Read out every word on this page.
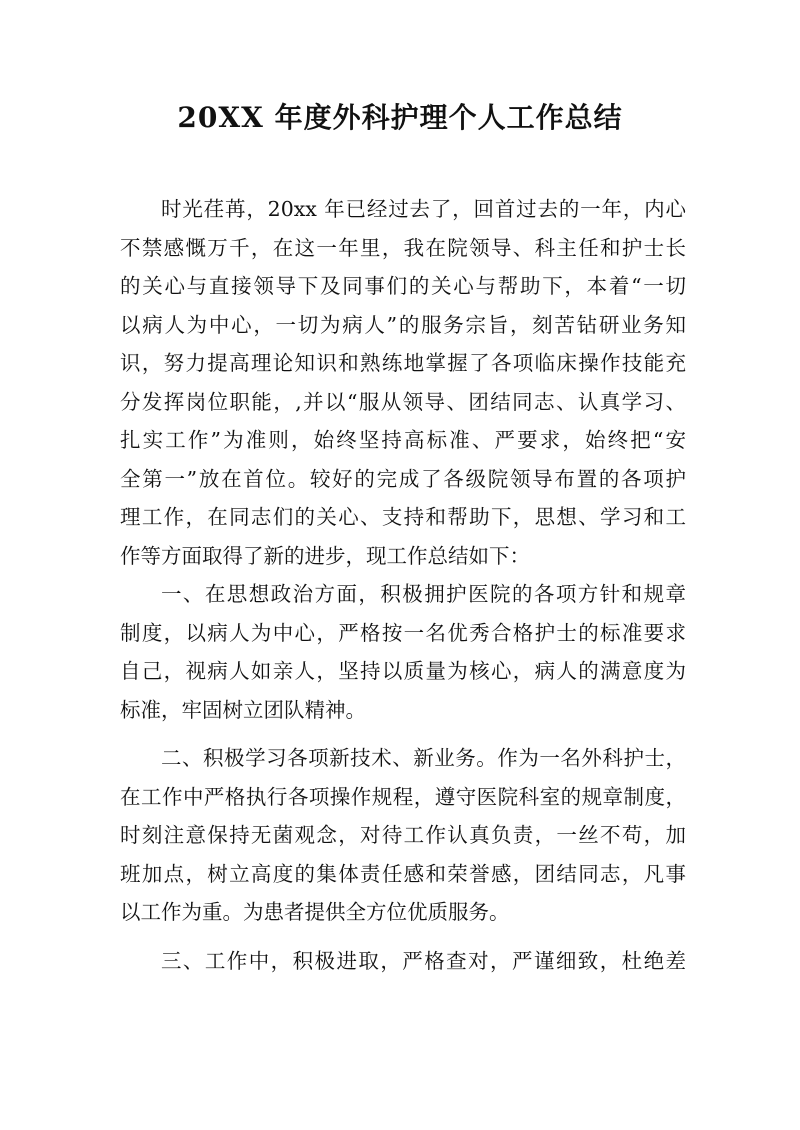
20XX 年度外科护理个人工作总结
时光荏苒，20xx 年已经过去了，回首过去的一年，内心
不禁感慨万千，在这一年里，我在院领导、科主任和护士长
的关心与直接领导下及同事们的关心与帮助下，本着“一切
以病人为中心，一切为病人”的服务宗旨，刻苦钻研业务知
识，努力提高理论知识和熟练地掌握了各项临床操作技能充
分发挥岗位职能，,并以“服从领导、团结同志、认真学习、
扎实工作”为准则，始终坚持高标准、严要求，始终把“安
全第一”放在首位。较好的完成了各级院领导布置的各项护
理工作，在同志们的关心、支持和帮助下，思想、学习和工
作等方面取得了新的进步，现工作总结如下：
一、在思想政治方面，积极拥护医院的各项方针和规章
制度，以病人为中心，严格按一名优秀合格护士的标准要求
自己，视病人如亲人，坚持以质量为核心，病人的满意度为
标准，牢固树立团队精神。
二、积极学习各项新技术、新业务。作为一名外科护士，
在工作中严格执行各项操作规程，遵守医院科室的规章制度，
时刻注意保持无菌观念，对待工作认真负责，一丝不苟，加
班加点，树立高度的集体责任感和荣誉感，团结同志，凡事
以工作为重。为患者提供全方位优质服务。
三、工作中，积极进取，严格查对，严谨细致，杜绝差
